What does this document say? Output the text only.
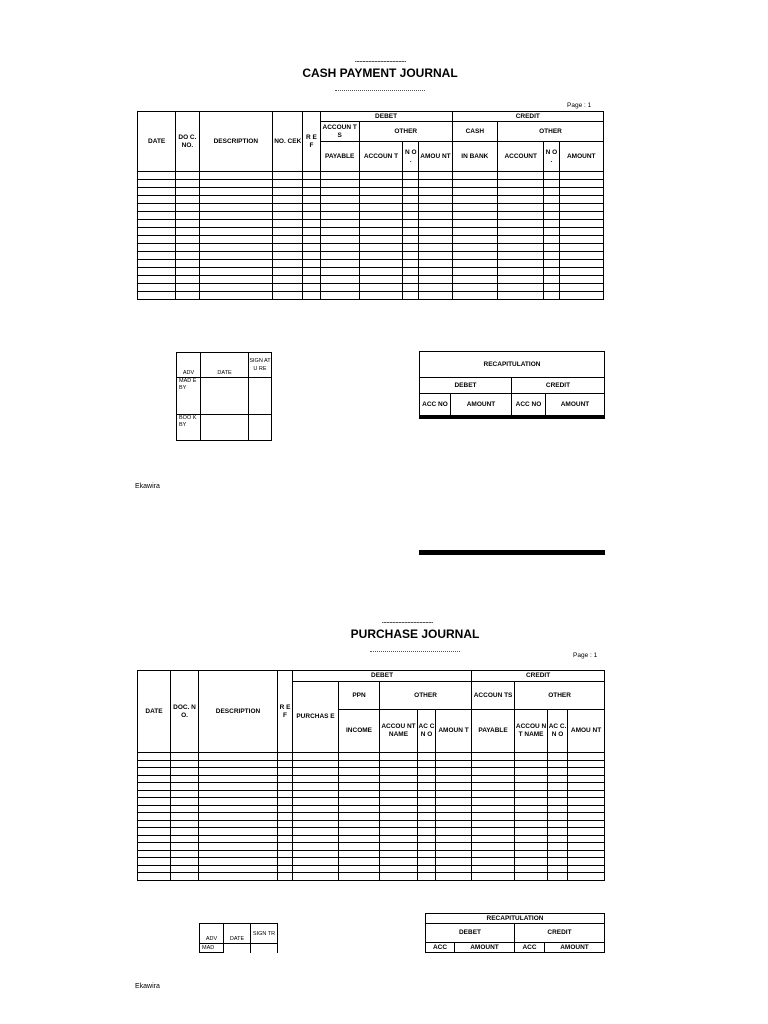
..................................
CASH PAYMENT JOURNAL
Page : 1
DATE	DO C. NO.	DESCRIPTION	NO. CEK	R E F	DEBET				CREDIT			
					ACCOUN TS	OTHER			CASH	OTHER		
					PAYABLE	ACCOUN T	N O .	AMOU NT	IN BANK	ACCOUNT	N O .	AMOUNT

ADV	DATE	SIGN ATU RE
MAD E BY		
BOO K BY		
RECAPITULATION			
DEBET		CREDIT	
ACC NO	AMOUNT	ACC NO	AMOUNT

Ekawira

..................................
PURCHASE JOURNAL
Page : 1
DATE	DOC. NO.	DESCRIPTION	R E F	DEBET					CREDIT			
				PURCHAS E	PPN	OTHER			ACCOUN TS	OTHER		
					INCOME	ACCOU NT NAME	AC C N O	AMOUN T	PAYABLE	ACCOU NT NAME	AC C. N O	AMOU NT

ADV	DATE	SIGN TR
MAD		
RECAPITULATION			
DEBET		CREDIT	
ACC	AMOUNT	ACC	AMOUNT
Ekawira
